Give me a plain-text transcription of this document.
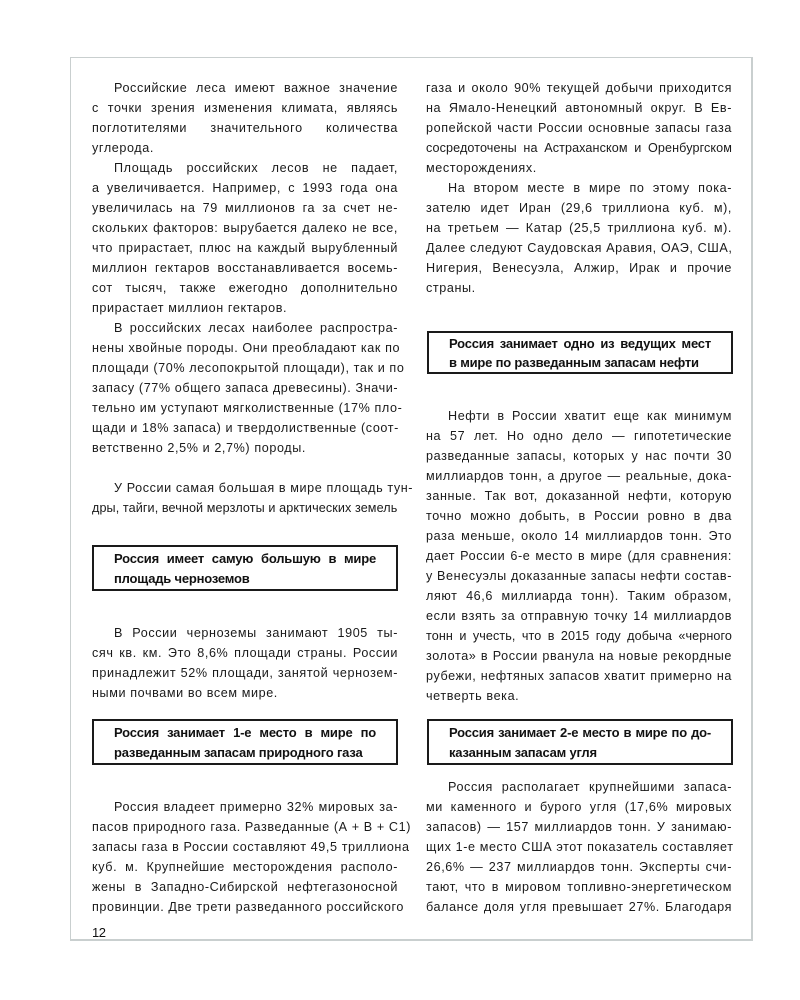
Российские леса имеют важное значение
с точки зрения изменения климата, являясь
поглотителями значительного количества
углерода.
Площадь российских лесов не падает,
а увеличивается. Например, с 1993 года она
увеличилась на 79 миллионов га за счет не-
скольких факторов: вырубается далеко не все,
что прирастает, плюс на каждый вырубленный
миллион гектаров восстанавливается восемь-
сот тысяч, также ежегодно дополнительно
прирастает миллион гектаров.
В российских лесах наиболее распростра-
нены хвойные породы. Они преобладают как по
площади (70% лесопокрытой площади), так и по
запасу (77% общего запаса древесины). Значи-
тельно им уступают мягколиственные (17% пло-
щади и 18% запаса) и твердолиственные (соот-
ветственно 2,5% и 2,7%) породы.
У России самая большая в мире площадь тун-
дры, тайги, вечной мерзлоты и арктических земель
Россия имеет самую большую в мире
площадь черноземов
В России черноземы занимают 1905 ты-
сяч кв. км. Это 8,6% площади страны. России
принадлежит 52% площади, занятой чернозем-
ными почвами во всем мире.
Россия занимает 1-е место в мире по
разведанным запасам природного газа
Россия владеет примерно 32% мировых за-
пасов природного газа. Разведанные (А + В + С1)
запасы газа в России составляют 49,5 триллиона
куб. м. Крупнейшие месторождения располо-
жены в Западно-Сибирской нефтегазоносной
провинции. Две трети разведанного российского
газа и около 90% текущей добычи приходится
на Ямало-Ненецкий автономный округ. В Ев-
ропейской части России основные запасы газа
сосредоточены на Астраханском и Оренбургском
месторождениях.
На втором месте в мире по этому пока-
зателю идет Иран (29,6 триллиона куб. м),
на третьем — Катар (25,5 триллиона куб. м).
Далее следуют Саудовская Аравия, ОАЭ, США,
Нигерия, Венесуэла, Алжир, Ирак и прочие
страны.
Россия занимает одно из ведущих мест
в мире по разведанным запасам нефти
Нефти в России хватит еще как минимум
на 57 лет. Но одно дело — гипотетические
разведанные запасы, которых у нас почти 30
миллиардов тонн, а другое — реальные, дока-
занные. Так вот, доказанной нефти, которую
точно можно добыть, в России ровно в два
раза меньше, около 14 миллиардов тонн. Это
дает России 6-е место в мире (для сравнения:
у Венесуэлы доказанные запасы нефти состав-
ляют 46,6 миллиарда тонн). Таким образом,
если взять за отправную точку 14 миллиардов
тонн и учесть, что в 2015 году добыча «черного
золота» в России рванула на новые рекордные
рубежи, нефтяных запасов хватит примерно на
четверть века.
Россия занимает 2-е место в мире по до-
казанным запасам угля
Россия располагает крупнейшими запаса-
ми каменного и бурого угля (17,6% мировых
запасов) — 157 миллиардов тонн. У занимаю-
щих 1-е место США этот показатель составляет
26,6% — 237 миллиардов тонн. Эксперты счи-
тают, что в мировом топливно-энергетическом
балансе доля угля превышает 27%. Благодаря
12
